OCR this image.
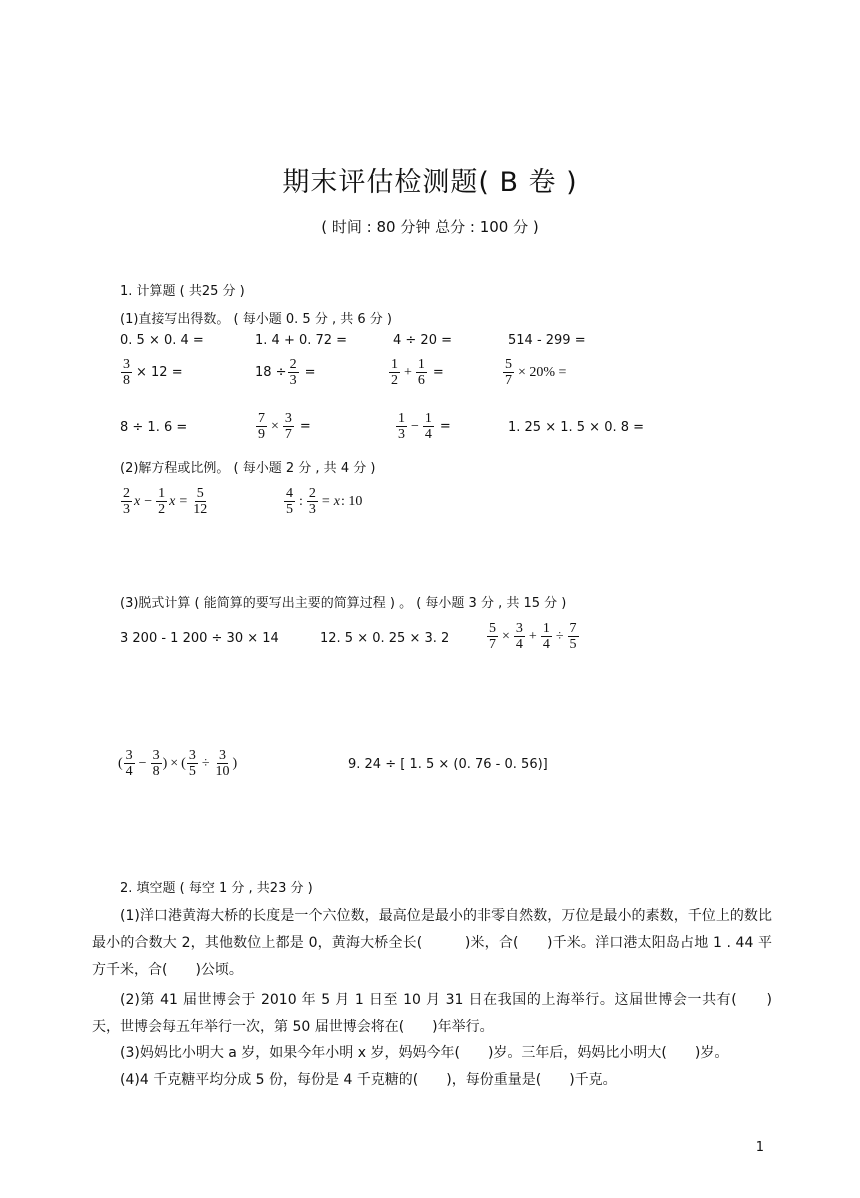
期末评估检测题( B 卷 )
( 时间 : 80 分钟 总分 : 100 分 )
1. 计算题 ( 共25 分 )
(1)直接写出得数。 ( 每小题 0. 5 分 , 共 6 分 )
0. 5 × 0. 4 =	1. 4 + 0. 72 =	4 ÷ 20 =	514 - 299 =
$\frac{3}{8} \times 12$ =	$18 \div \frac{2}{3}$ =	$\frac{1}{2} + \frac{1}{6}$ =	$\frac{5}{7} \times 20\%$ =
8 ÷ 1. 6 =	$\frac{7}{9} \times \frac{3}{7}$ =	$\frac{1}{3} - \frac{1}{4}$ =	1. 25 × 1. 5 × 0. 8 =
(2)解方程或比例。 ( 每小题 2 分 , 共 4 分 )
$\frac{2}{3}$ $x - \frac{1}{2}$ $x = \frac{5}{12}$	$\frac{4}{5}$ : $\frac{2}{3} = x$ : 10
(3)脱式计算 ( 能简算的要写出主要的简算过程 ) 。 ( 每小题 3 分 , 共 15 分 )
3 200 - 1 200 ÷ 30 × 14	12. 5 × 0. 25 × 3. 2	$\frac{5}{7} \times \frac{3}{4} + \frac{1}{4} \div \frac{7}{5}$
( $\frac{3}{4} - \frac{3}{8}$ ) × ( $\frac{3}{5} \div \frac{3}{10}$ )	9. 24 ÷ [ 1. 5 × (0. 76 - 0. 56)]
2. 填空题 ( 每空 1 分 , 共23 分 )
(1)洋口港黄海大桥的长度是一个六位数，最高位是最小的非零自然数，万位是最小的素数，千位上的数比最小的合数大 2，其他数位上都是 0，黄海大桥全长(　　　)米，合(　　)千米。洋口港太阳岛占地 1 . 44 平方千米，合(　　)公顷。
(2)第 41 届世博会于 2010 年 5 月 1 日至 10 月 31 日在我国的上海举行。这届世博会一共有(　　)天，世博会每五年举行一次，第 50 届世博会将在(　　)年举行。
(3)妈妈比小明大 a 岁，如果今年小明 x 岁，妈妈今年(　　)岁。三年后，妈妈比小明大(　　)岁。
(4)4 千克糖平均分成 5 份，每份是 4 千克糖的(　　)，每份重量是(　　)千克。
1
